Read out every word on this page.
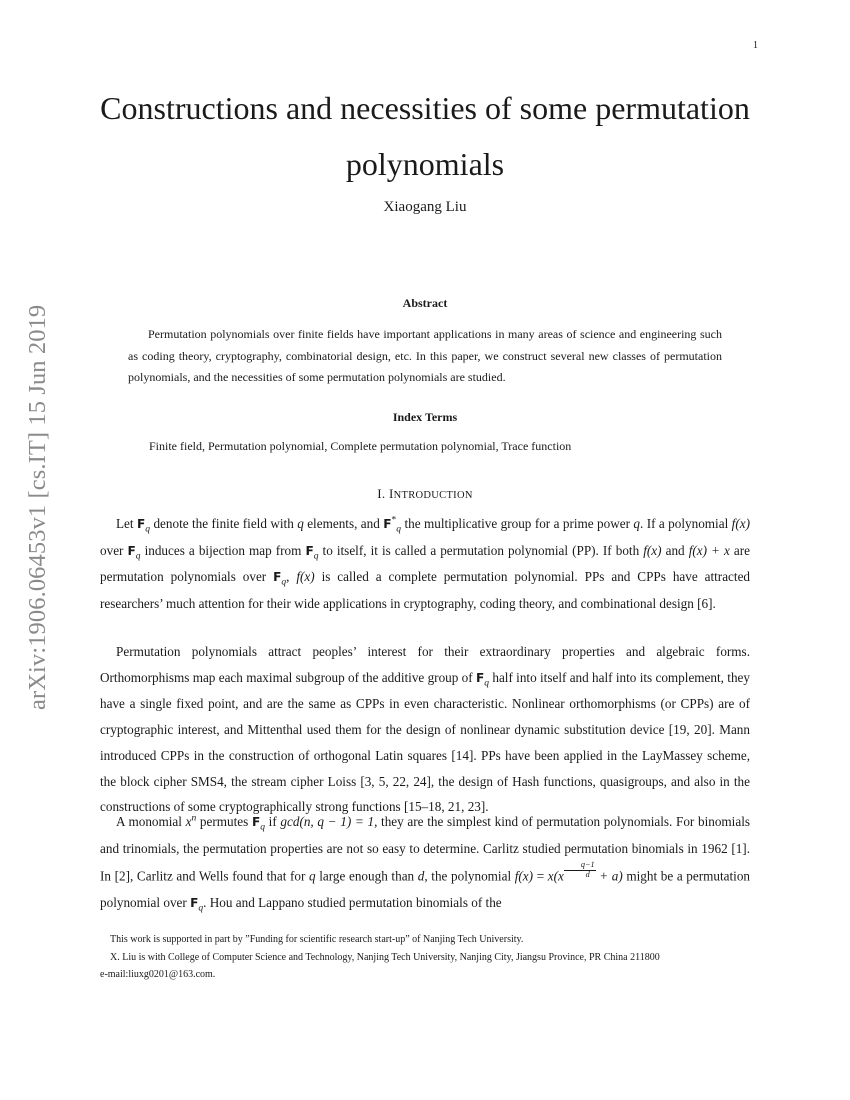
1
arXiv:1906.06453v1 [cs.IT] 15 Jun 2019
Constructions and necessities of some permutation polynomials
Xiaogang Liu
Abstract

Permutation polynomials over finite fields have important applications in many areas of science and engineering such as coding theory, cryptography, combinatorial design, etc. In this paper, we construct several new classes of permutation polynomials, and the necessities of some permutation polynomials are studied.

Index Terms
Finite field, Permutation polynomial, Complete permutation polynomial, Trace function
I. INTRODUCTION

Let $F_q$ denote the finite field with q elements, and $F^*_q$ the multiplicative group for a prime power q. If a polynomial f(x) over $F_q$ induces a bijection map from $F_q$ to itself, it is called a permutation polynomial (PP). If both f(x) and f(x) + x are permutation polynomials over $F_q$, f(x) is called a complete permutation polynomial. PPs and CPPs have attracted researchers’ much attention for their wide applications in cryptography, coding theory, and combinational design [6].

Permutation polynomials attract peoples’ interest for their extraordinary properties and algebraic forms. Orthomorphisms map each maximal subgroup of the additive group of $F_q$ half into itself and half into its complement, they have a single fixed point, and are the same as CPPs in even characteristic. Nonlinear orthomorphisms (or CPPs) are of cryptographic interest, and Mittenthal used them for the design of nonlinear dynamic substitution device [19, 20]. Mann introduced CPPs in the construction of orthogonal Latin squares [14]. PPs have been applied in the LayMassey scheme, the block cipher SMS4, the stream cipher Loiss [3, 5, 22, 24], the design of Hash functions, quasigroups, and also in the constructions of some cryptographically strong functions [15–18, 21, 23].

A monomial $x^n$ permutes $F_q$ if gcd(n, q − 1) = 1, they are the simplest kind of permutation polynomials. For binomials and trinomials, the permutation properties are not so easy to determine. Carlitz studied permutation binomials in 1962 [1]. In [2], Carlitz and Wells found that for q large enough than d, the polynomial $f(x) = x(x \frac{q-1}{d} + a)$ might be a permutation polynomial over $F_q$. Hou and Lappano studied permutation binomials of the

This work is supported in part by ”Funding for scientific research start-up” of Nanjing Tech University.
X. Liu is with College of Computer Science and Technology, Nanjing Tech University, Nanjing City, Jiangsu Province, PR China 211800
e-mail:liuxg0201@163.com.
